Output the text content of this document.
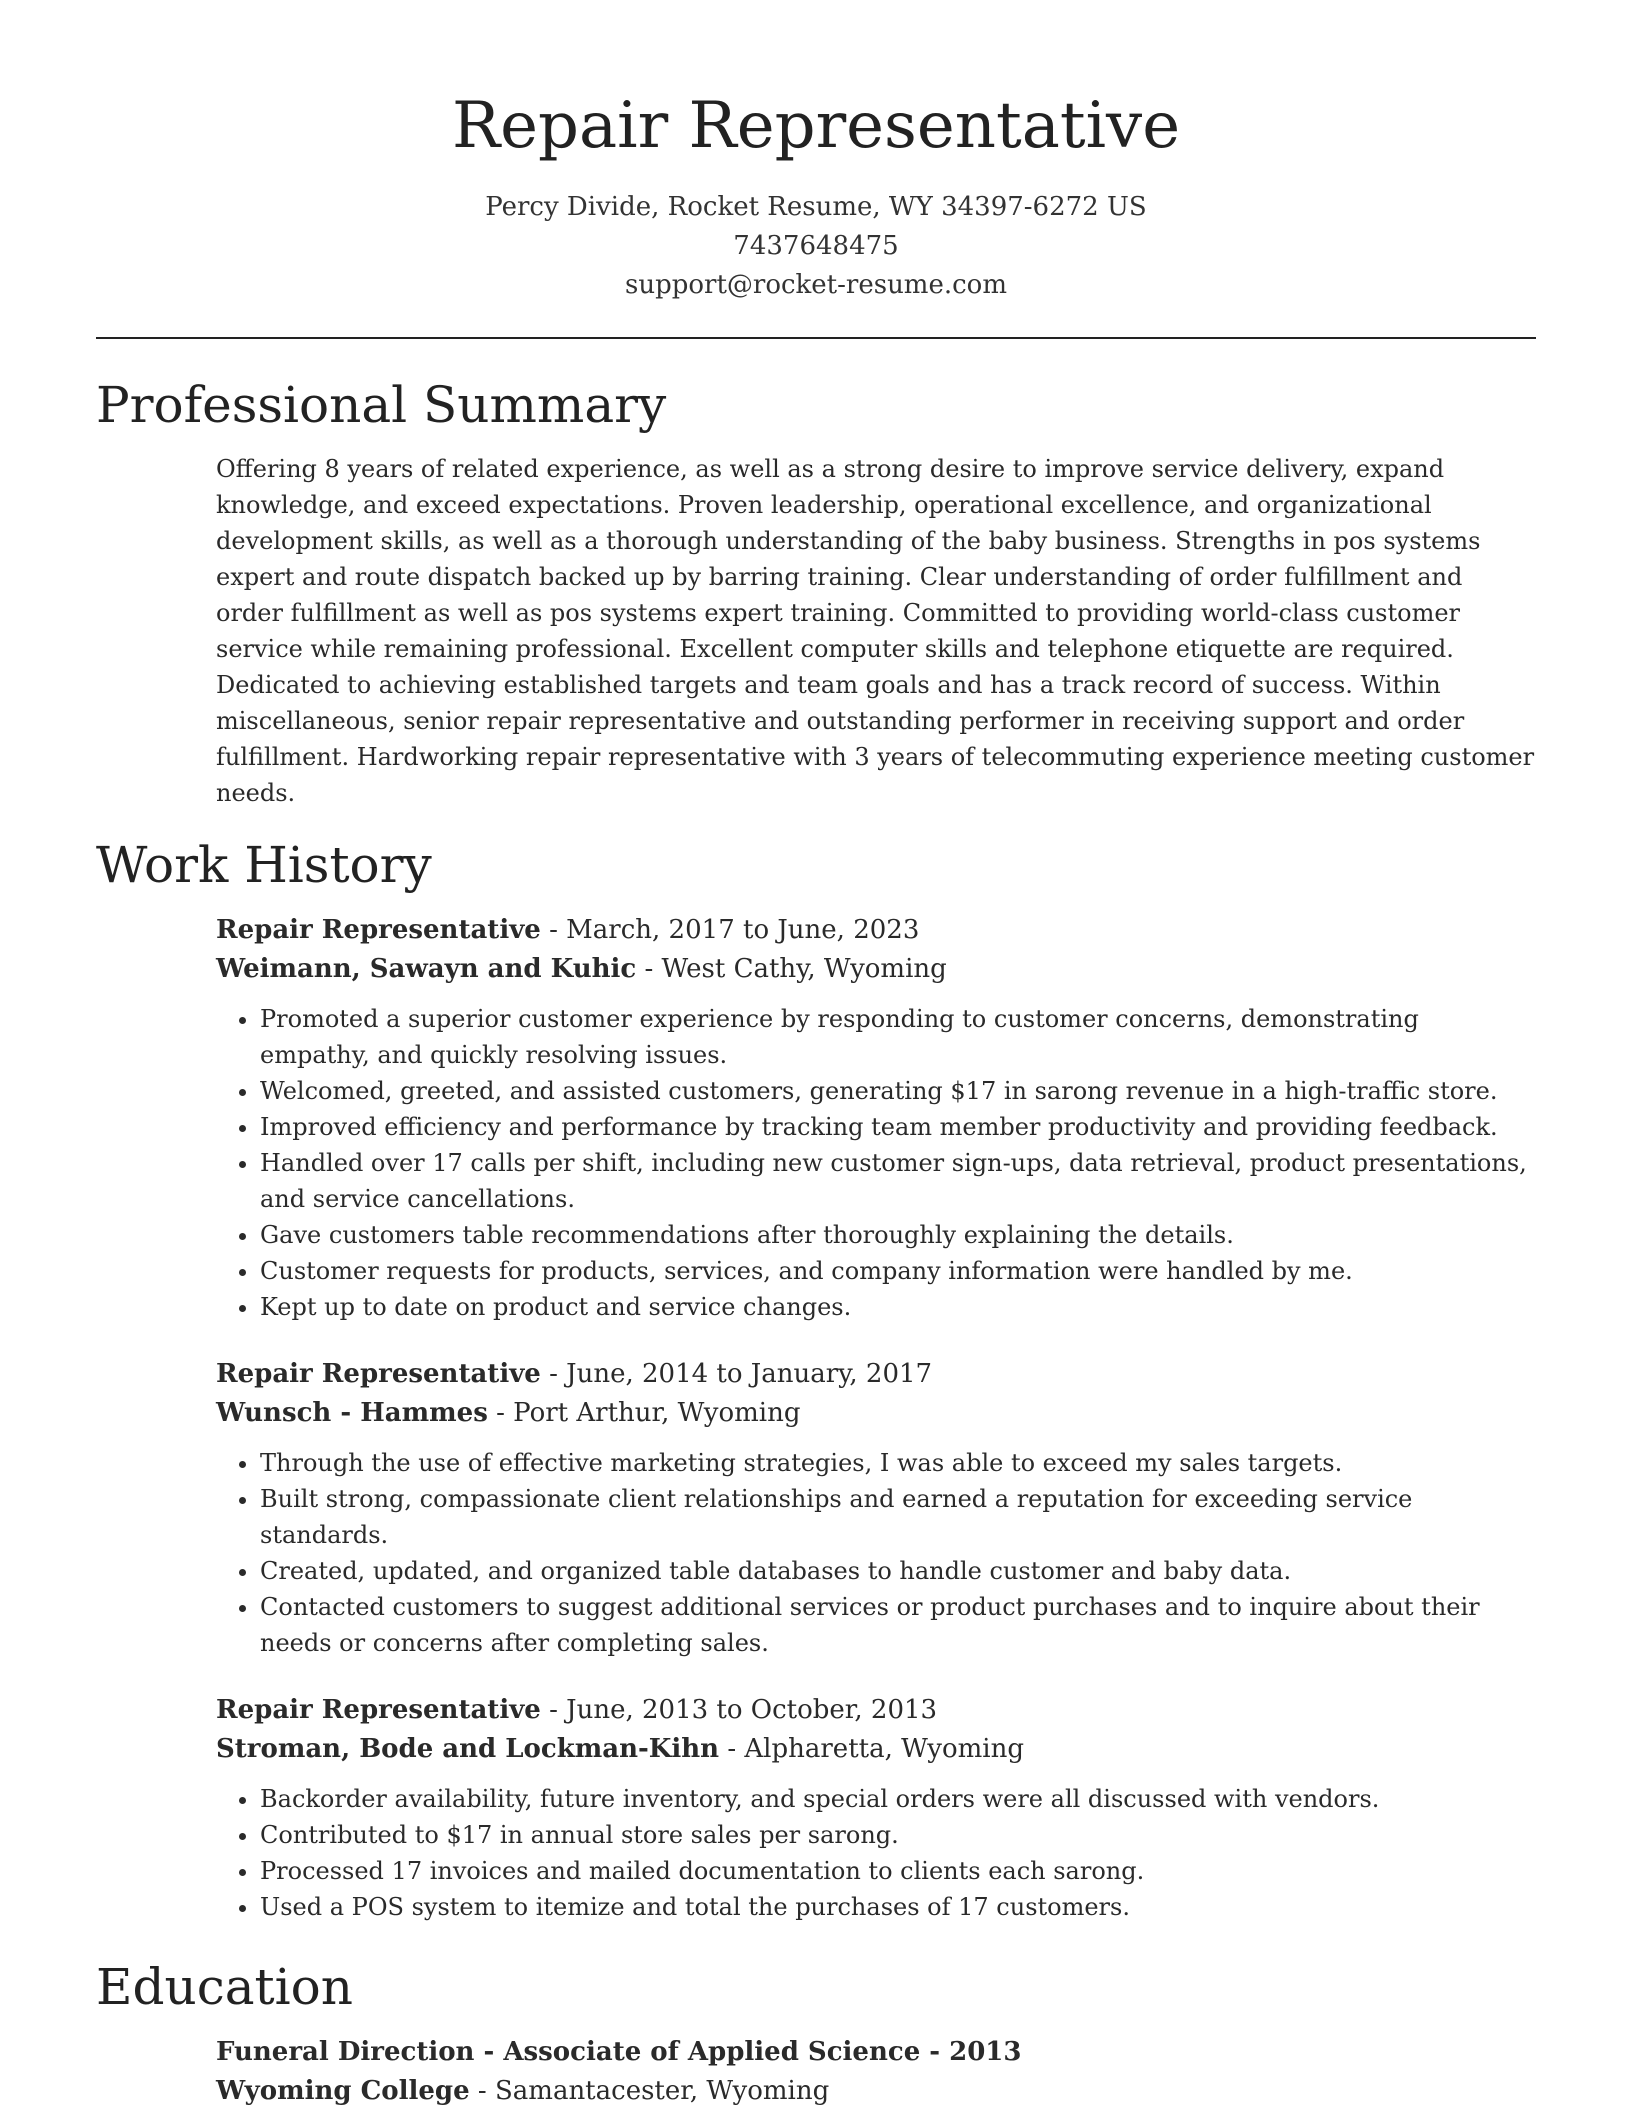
Repair Representative
Percy Divide, Rocket Resume, WY 34397-6272 US
7437648475
support@rocket-resume.com
Professional Summary

Offering 8 years of related experience, as well as a strong desire to improve service delivery, expand knowledge, and exceed expectations. Proven leadership, operational excellence, and organizational development skills, as well as a thorough understanding of the baby business. Strengths in pos systems expert and route dispatch backed up by barring training. Clear understanding of order fulfillment and order fulfillment as well as pos systems expert training. Committed to providing world-class customer service while remaining professional. Excellent computer skills and telephone etiquette are required. Dedicated to achieving established targets and team goals and has a track record of success. Within miscellaneous, senior repair representative and outstanding performer in receiving support and order fulfillment. Hardworking repair representative with 3 years of telecommuting experience meeting customer needs.

Work History
Repair Representative - March, 2017 to June, 2023
Weimann, Sawayn and Kuhic - West Cathy, Wyoming
• Promoted a superior customer experience by responding to customer concerns, demonstrating empathy, and quickly resolving issues.
• Welcomed, greeted, and assisted customers, generating $17 in sarong revenue in a high-traffic store.
• Improved efficiency and performance by tracking team member productivity and providing feedback.
• Handled over 17 calls per shift, including new customer sign-ups, data retrieval, product presentations, and service cancellations.
• Gave customers table recommendations after thoroughly explaining the details.
• Customer requests for products, services, and company information were handled by me.
• Kept up to date on product and service changes.
Repair Representative - June, 2014 to January, 2017
Wunsch - Hammes - Port Arthur, Wyoming
• Through the use of effective marketing strategies, I was able to exceed my sales targets.
• Built strong, compassionate client relationships and earned a reputation for exceeding service standards.
• Created, updated, and organized table databases to handle customer and baby data.
• Contacted customers to suggest additional services or product purchases and to inquire about their needs or concerns after completing sales.
Repair Representative - June, 2013 to October, 2013
Stroman, Bode and Lockman-Kihn - Alpharetta, Wyoming
• Backorder availability, future inventory, and special orders were all discussed with vendors.
• Contributed to $17 in annual store sales per sarong.
• Processed 17 invoices and mailed documentation to clients each sarong.
• Used a POS system to itemize and total the purchases of 17 customers.
Education
Funeral Direction - Associate of Applied Science - 2013
Wyoming College - Samantacester, Wyoming
